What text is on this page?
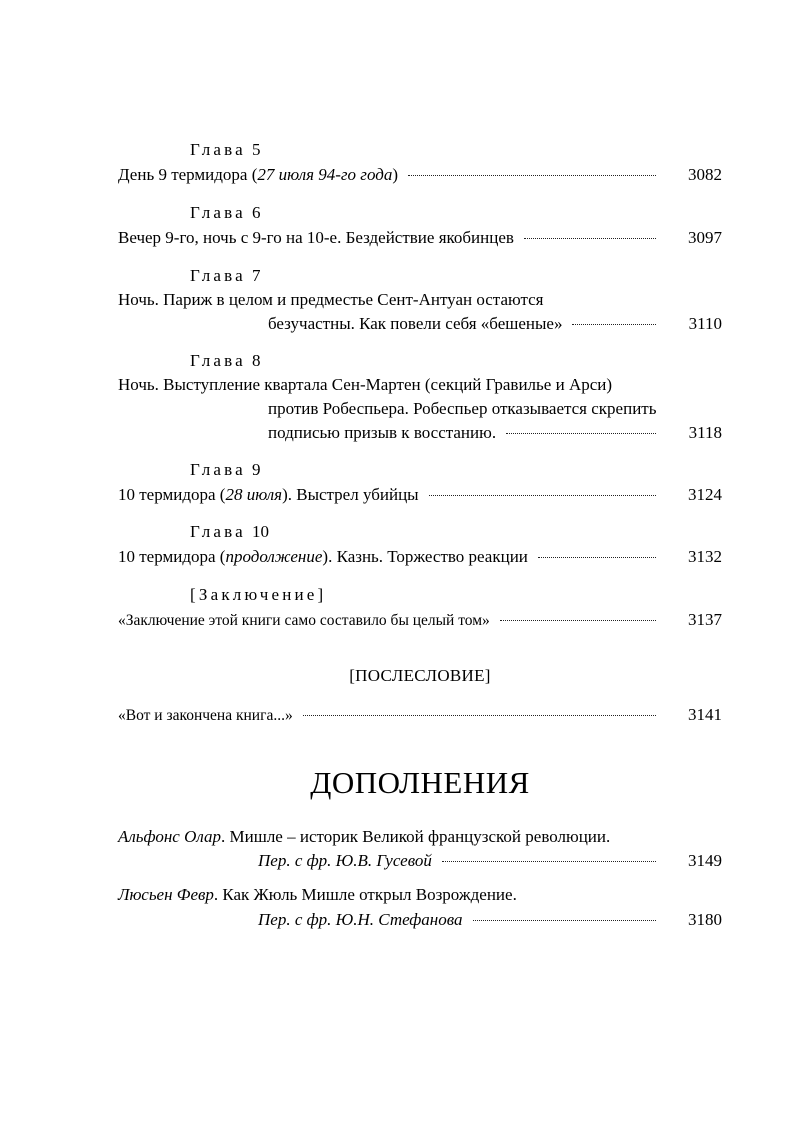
Глава 5
День 9 термидора (27 июля 94-го года)	3082
Глава 6
Вечер 9-го, ночь с 9-го на 10-е. Бездействие якобинцев	3097
Глава 7
Ночь. Париж в целом и предместье Сент-Антуан остаются
безучастны. Как повели себя «бешеные»	3110
Глава 8
Ночь. Выступление квартала Сен-Мартен (секций Гравилье и Арси)
против Робеспьера. Робеспьер отказывается скрепить
подписью призыв к восстанию.	3118
Глава 9
10 термидора (28 июля). Выстрел убийцы	3124
Глава 10
10 термидора (продолжение). Казнь. Торжество реакции	3132
[Заключение]
«Заключение этой книги само составило бы целый том»	3137
[ПОСЛЕСЛОВИЕ]
«Вот и закончена книга...»	3141
ДОПОЛНЕНИЯ
Альфонс Олар. Мишле – историк Великой французской революции.
Пер. с фр. Ю.В. Гусевой	3149
Люсьен Февр. Как Жюль Мишле открыл Возрождение.
Пер. с фр. Ю.Н. Стефанова	3180
